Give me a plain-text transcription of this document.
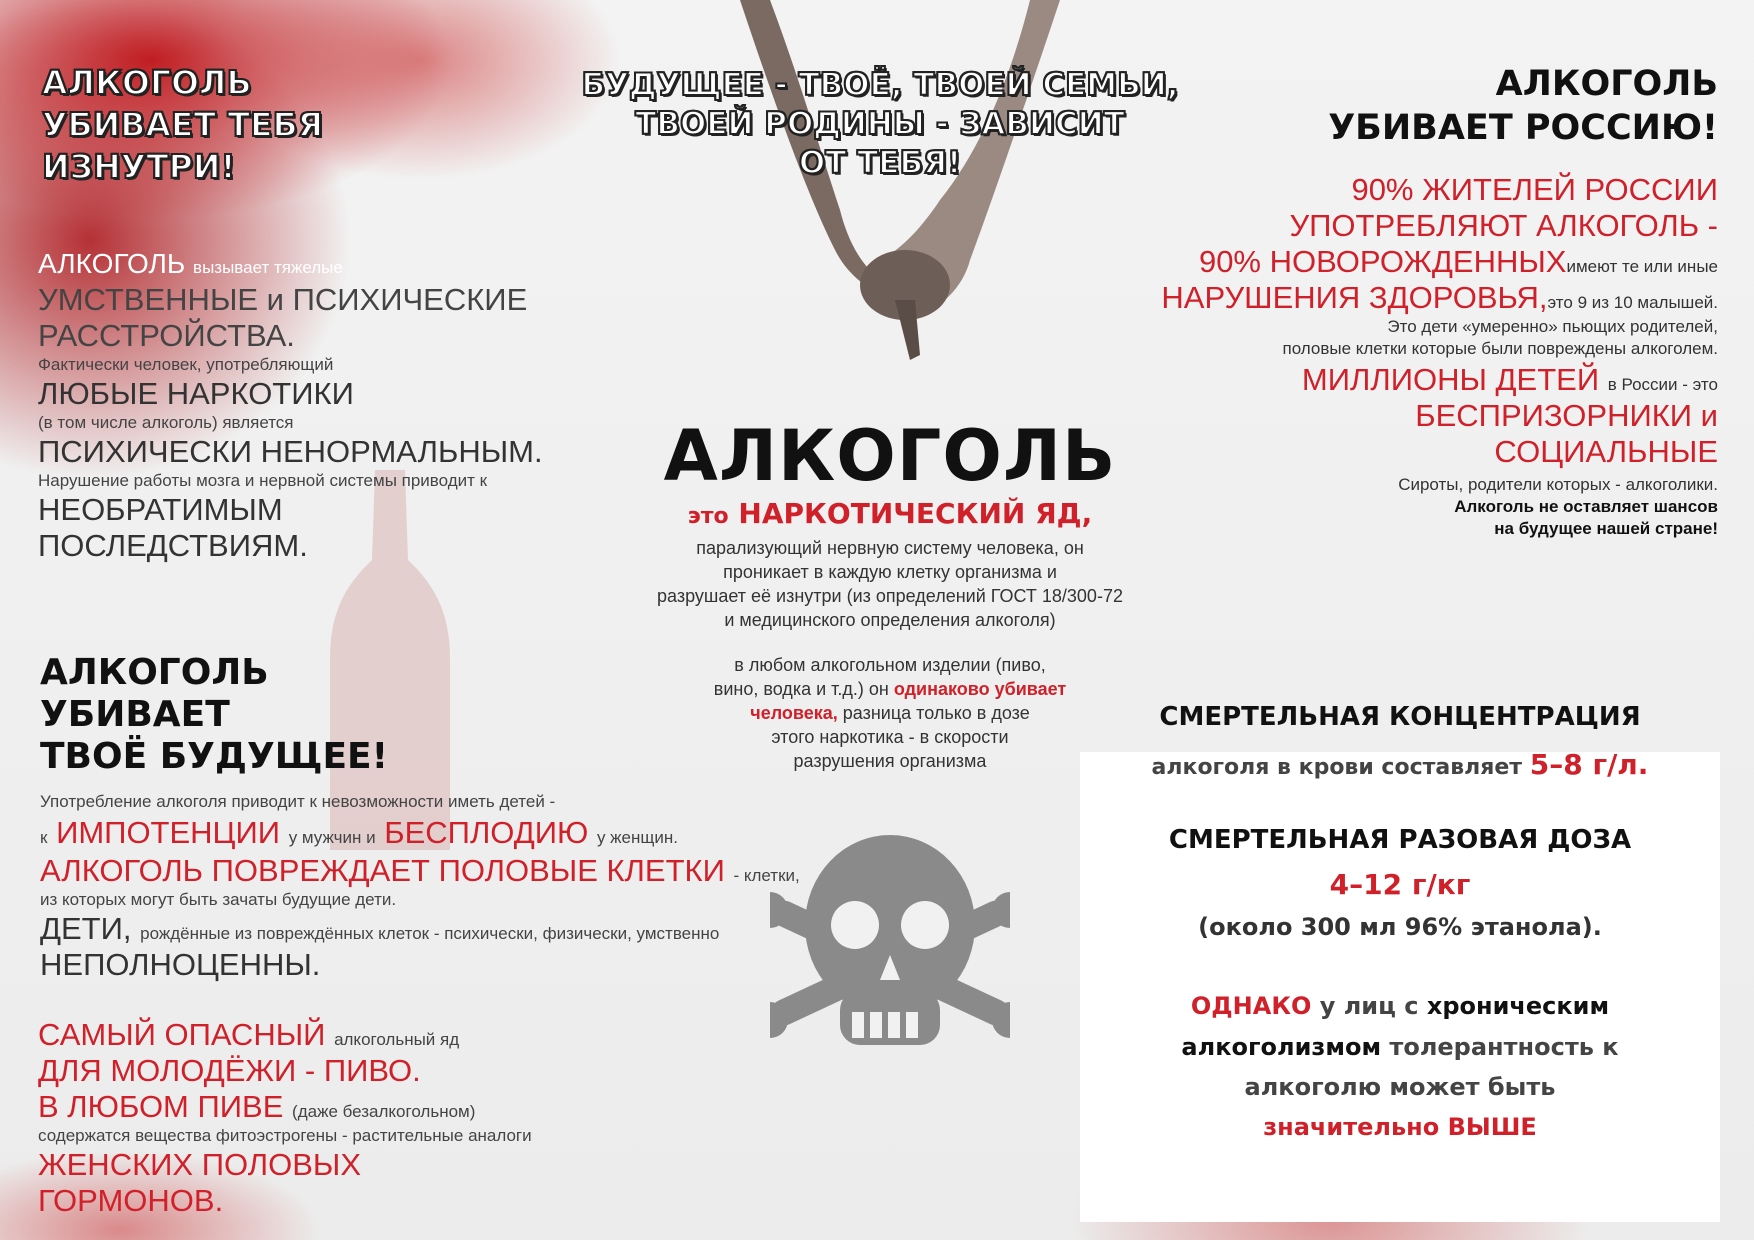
АЛКОГОЛЬ
УБИВАЕТ ТЕБЯ
ИЗНУТРИ!
АЛКОГОЛЬ вызывает тяжелые
УМСТВЕННЫЕ и ПСИХИЧЕСКИЕ
РАССТРОЙСТВА.
Фактически человек, употребляющий
ЛЮБЫЕ НАРКОТИКИ
(в том числе алкоголь) является
ПСИХИЧЕСКИ НЕНОРМАЛЬНЫМ.
Нарушение работы мозга и нервной системы приводит к
НЕОБРАТИМЫМ
ПОСЛЕДСТВИЯМ.
АЛКОГОЛЬ
УБИВАЕТ
ТВОЁ БУДУЩЕЕ!
Употребление алкоголя приводит к невозможности иметь детей -
к ИМПОТЕНЦИИ у мужчин и БЕСПЛОДИЮ у женщин.
АЛКОГОЛЬ ПОВРЕЖДАЕТ ПОЛОВЫЕ КЛЕТКИ - клетки,
из которых могут быть зачаты будущие дети.
ДЕТИ, рождённые из повреждённых клеток - психически, физически, умственно
НЕПОЛНОЦЕННЫ.
САМЫЙ ОПАСНЫЙ алкогольный яд
ДЛЯ МОЛОДЁЖИ - ПИВО.
В ЛЮБОМ ПИВЕ (даже безалкогольном)
содержатся вещества фитоэстрогены - растительные аналоги
ЖЕНСКИХ ПОЛОВЫХ
ГОРМОНОВ.
БУДУЩЕЕ - ТВОЁ, ТВОЕЙ СЕМЬИ,
ТВОЕЙ РОДИНЫ - ЗАВИСИТ
ОТ ТЕБЯ!
АЛКОГОЛЬ
это НАРКОТИЧЕСКИЙ ЯД,
парализующий нервную систему человека, он
проникает в каждую клетку организма и
разрушает её изнутри (из определений ГОСТ 18/300-72
и медицинского определения алкоголя)
в любом алкогольном изделии (пиво,
вино, водка и т.д.) он одинаково убивает
человека, разница только в дозе
этого наркотика - в скорости
разрушения организма
АЛКОГОЛЬ
УБИВАЕТ РОССИЮ!
90% ЖИТЕЛЕЙ РОССИИ
УПОТРЕБЛЯЮТ АЛКОГОЛЬ -
90% НОВОРОЖДЕННЫХимеют те или иные
НАРУШЕНИЯ ЗДОРОВЬЯ,это 9 из 10 малышей.
Это дети «умеренно» пьющих родителей,
половые клетки которые были повреждены алкоголем.
МИЛЛИОНЫ ДЕТЕЙ в России - это
БЕСПРИЗОРНИКИ и
СОЦИАЛЬНЫЕ
Сироты, родители которых - алкоголики.
Алкоголь не оставляет шансов
на будущее нашей стране!
СМЕРТЕЛЬНАЯ КОНЦЕНТРАЦИЯ
алкоголя в крови составляет 5–8 г/л.
СМЕРТЕЛЬНАЯ РАЗОВАЯ ДОЗА
4–12 г/кг
(около 300 мл 96% этанола).
ОДНАКО у лиц с хроническим
алкоголизмом толерантность к
алкоголю может быть
значительно ВЫШЕ
